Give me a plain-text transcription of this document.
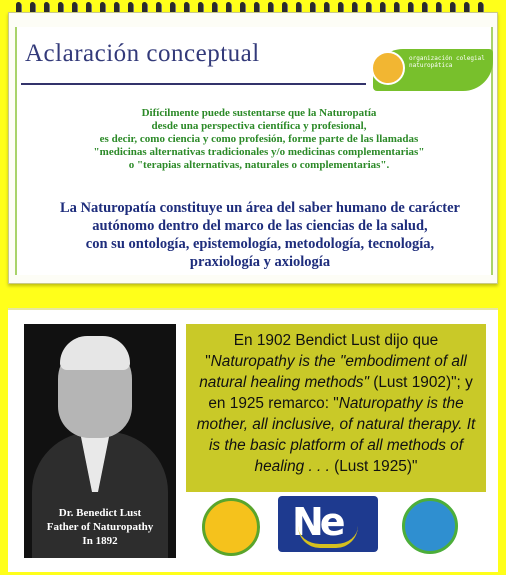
Aclaración conceptual	organización colegial naturopática
Difícilmente puede sustentarse que la Naturopatía
desde una perspectiva científica y profesional,
es decir, como ciencia y como profesión, forme parte de las llamadas
"medicinas alternativas tradicionales y/o medicinas complementarias"
o "terapias alternativas, naturales o complementarias".
La Naturopatía constituye un área del saber humano de carácter
autónomo dentro del marco de las ciencias de la salud,
con su ontología, epistemología, metodología, tecnología,
praxiología y axiología
Dr. Benedict Lust
Father of Naturopathy
In 1892
En 1902 Bendict Lust dijo que "Naturopathy is the "embodiment of all natural healing methods" (Lust 1902)"; y en 1925 remarco: "Naturopathy is the mother, all inclusive, of natural therapy. It is the basic platform of all methods of healing . . . (Lust 1925)"
Ne
